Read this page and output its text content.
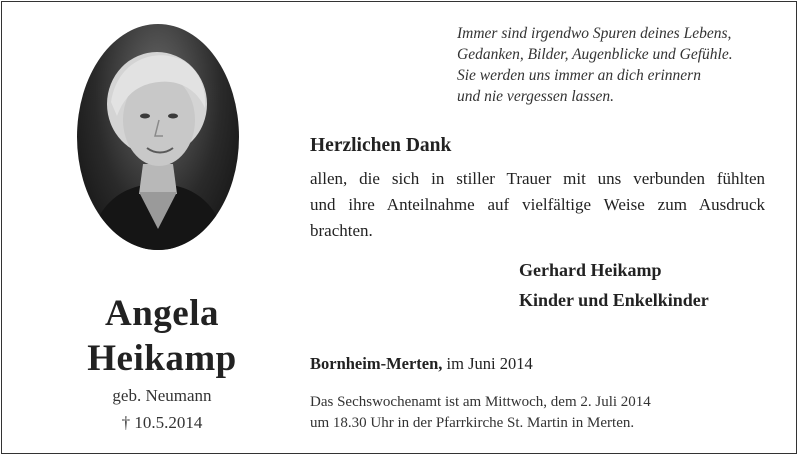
Angela
Heikamp
geb. Neumann
† 10.5.2014
Immer sind irgendwo Spuren deines Lebens,
Gedanken, Bilder, Augenblicke und Gefühle.
Sie werden uns immer an dich erinnern
und nie vergessen lassen.
Herzlichen Dank
allen, die sich in stiller Trauer mit uns verbunden fühlten
und ihre Anteilnahme auf vielfältige Weise zum Ausdruck
brachten.
Gerhard Heikamp
Kinder und Enkelkinder
Bornheim-Merten, im Juni 2014
Das Sechswochenamt ist am Mittwoch, dem 2. Juli 2014
um 18.30 Uhr in der Pfarrkirche St. Martin in Merten.
